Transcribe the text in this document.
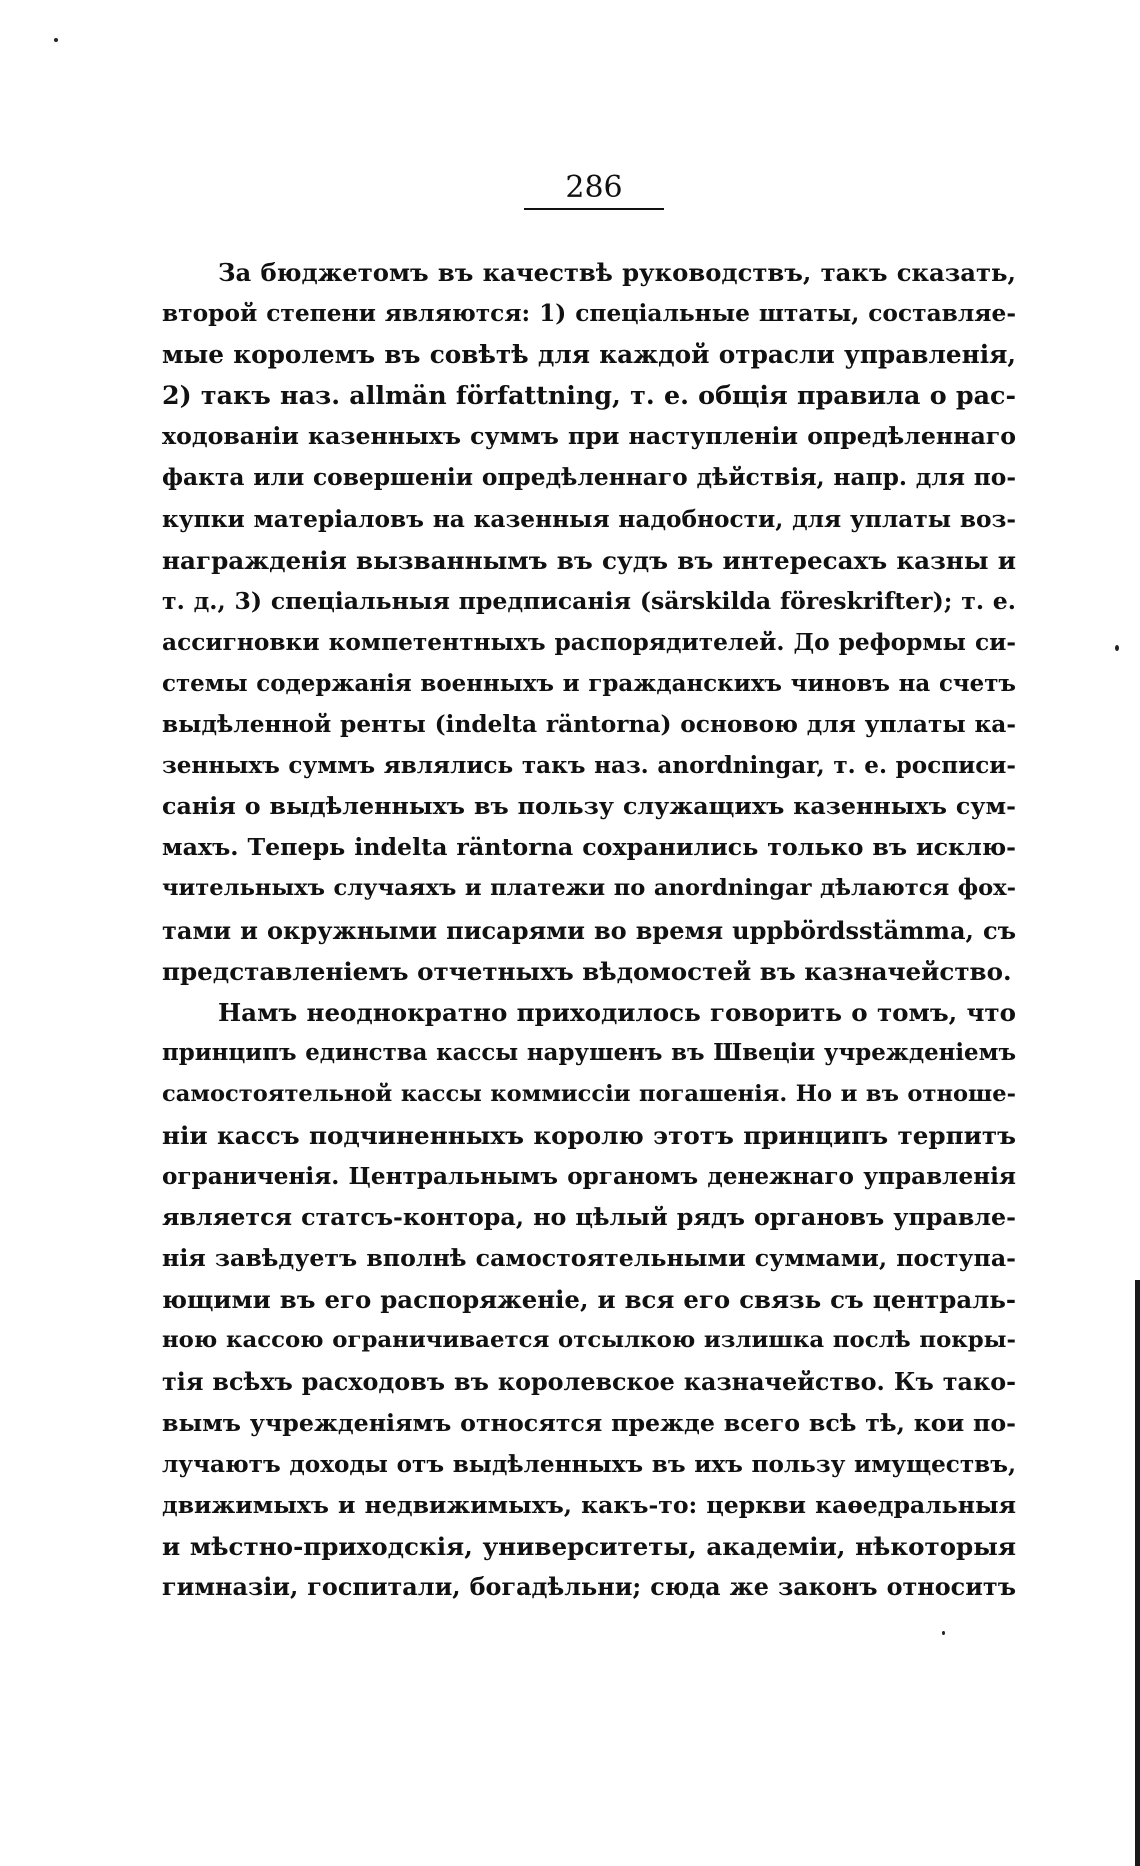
286
За бюджетомъ въ качествѣ руководствъ, такъ сказать,
второй степени являются: 1) спеціальные штаты, составляе-
мые королемъ въ совѣтѣ для каждой отрасли управленія,
2) такъ наз. allmän författning, т. е. общія правила о рас-
ходованіи казенныхъ суммъ при наступленіи опредѣленнаго
факта или совершеніи опредѣленнаго дѣйствія, напр. для по-
купки матеріаловъ на казенныя надобности, для уплаты воз-
награжденія вызваннымъ въ судъ въ интересахъ казны и
т. д., 3) спеціальныя предписанія (särskilda föreskrifter); т. е.
ассигновки компетентныхъ распорядителей. До реформы си-
стемы содержанія военныхъ и гражданскихъ чиновъ на счетъ
выдѣленной ренты (indelta räntorna) основою для уплаты ка-
зенныхъ суммъ являлись такъ наз. anordningar, т. е. росписи-
санія о выдѣленныхъ въ пользу служащихъ казенныхъ сум-
махъ. Теперь indelta räntorna сохранились только въ исклю-
чительныхъ случаяхъ и платежи по anordningar дѣлаются фох-
тами и окружными писарями во время uppbördsstämma, съ
представленіемъ отчетныхъ вѣдомостей въ казначейство.
Намъ неоднократно приходилось говорить о томъ, что
принципъ единства кассы нарушенъ въ Швеціи учрежденіемъ
самостоятельной кассы коммиссіи погашенія. Но и въ отноше-
ніи кассъ подчиненныхъ королю этотъ принципъ терпитъ
ограниченія. Центральнымъ органомъ денежнаго управленія
является статсъ-контора, но цѣлый рядъ органовъ управле-
нія завѣдуетъ вполнѣ самостоятельными суммами, поступа-
ющими въ его распоряженіе, и вся его связь съ централь-
ною кассою ограничивается отсылкою излишка послѣ покры-
тія всѣхъ расходовъ въ королевское казначейство. Къ тако-
вымъ учрежденіямъ относятся прежде всего всѣ тѣ, кои по-
лучаютъ доходы отъ выдѣленныхъ въ ихъ пользу имуществъ,
движимыхъ и недвижимыхъ, какъ-то: церкви каѳедральныя
и мѣстно-приходскія, университеты, академіи, нѣкоторыя
гимназіи, госпитали, богадѣльни; сюда же законъ относитъ
